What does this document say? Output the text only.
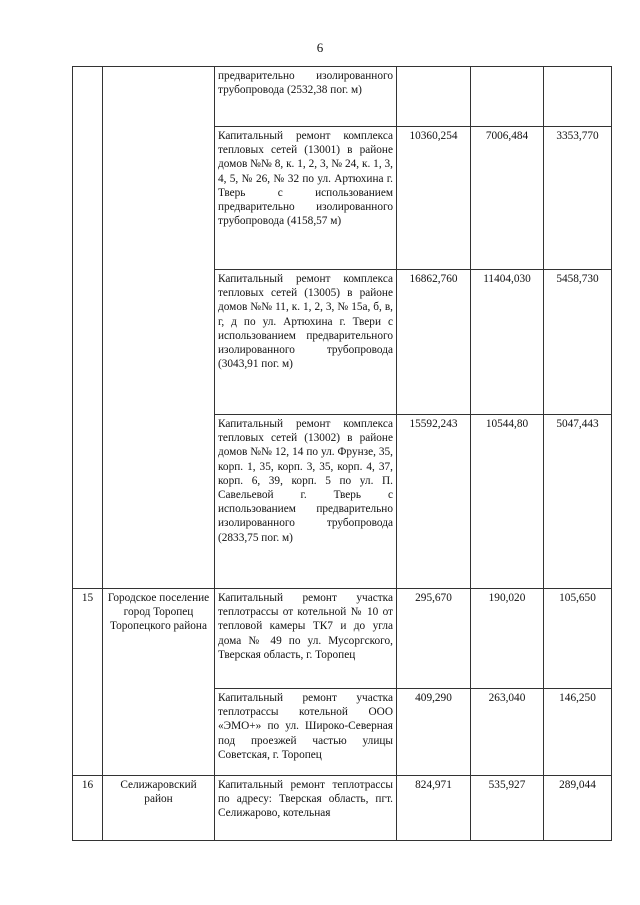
6
		предварительно изолированного трубопровода (2532,38 пог. м)			
		Капитальный ремонт комплекса тепловых сетей (13001) в районе домов №№ 8, к. 1, 2, 3, № 24, к. 1, 3, 4, 5, № 26, № 32 по ул. Артюхина г. Тверь с использованием предварительно изолированного трубопровода (4158,57 м)	10360,254	7006,484	3353,770
		Капитальный ремонт комплекса тепловых сетей (13005) в районе домов №№ 11, к. 1, 2, 3, № 15а, б, в, г, д по ул. Артюхина г. Твери с использованием предварительного изолированного трубопровода (3043,91 пог. м)	16862,760	11404,030	5458,730
		Капитальный ремонт комплекса тепловых сетей (13002) в районе домов №№ 12, 14 по ул. Фрунзе, 35, корп. 1, 35, корп. 3, 35, корп. 4, 37, корп. 6, 39, корп. 5 по ул. П. Савельевой г. Тверь с использованием предварительно изолированного трубопровода (2833,75 пог. м)	15592,243	10544,80	5047,443
15	Городское поселение город Торопец Торопецкого района	Капитальный ремонт участка теплотрассы от котельной № 10 от тепловой камеры ТК7 и до угла дома № 49 по ул. Мусоргского, Тверская область, г. Торопец	295,670	190,020	105,650
		Капитальный ремонт участка теплотрассы котельной ООО «ЭМО+» по ул. Широко-Северная под проезжей частью улицы Советская, г. Торопец	409,290	263,040	146,250
16	Селижаровский район	Капитальный ремонт теплотрассы по адресу: Тверская область, пгт. Селижарово, котельная	824,971	535,927	289,044
